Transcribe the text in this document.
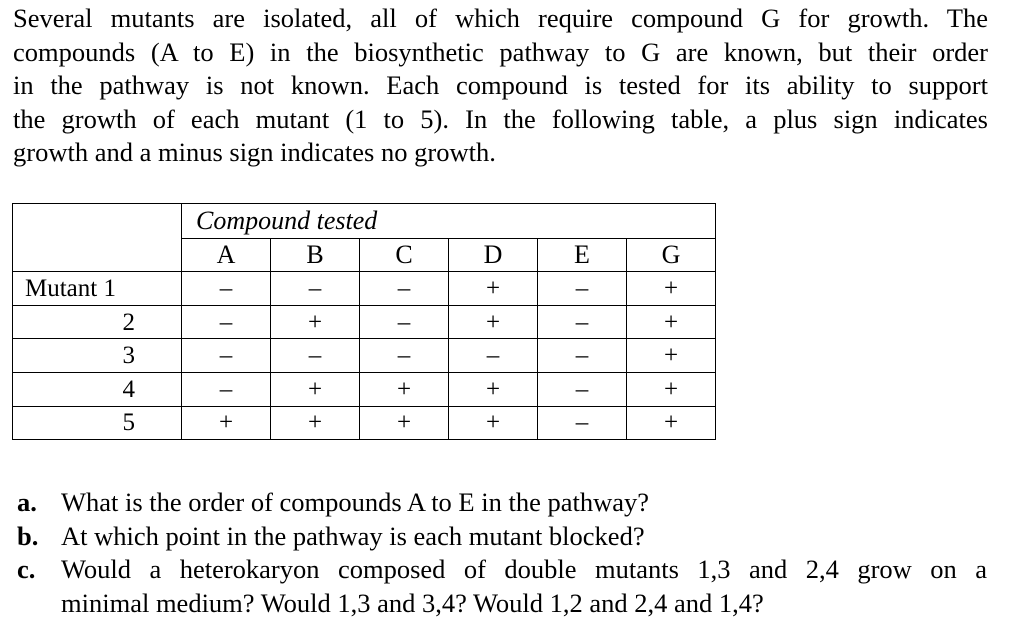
Several mutants are isolated, all of which require compound G for growth. The
compounds (A to E) in the biosynthetic pathway to G are known, but their order
in the pathway is not known. Each compound is tested for its ability to support
the growth of each mutant (1 to 5). In the following table, a plus sign indicates
growth and a minus sign indicates no growth.

	Compound tested					
	A	B	C	D	E	G
Mutant 1	–	–	–	+	–	+
2	–	+	–	+	–	+
3	–	–	–	–	–	+
4	–	+	+	+	–	+
5	+	+	+	+	–	+
a. What is the order of compounds A to E in the pathway?
b. At which point in the pathway is each mutant blocked?
c. Would a heterokaryon composed of double mutants 1,3 and 2,4 grow on a
minimal medium? Would 1,3 and 3,4? Would 1,2 and 2,4 and 1,4?
